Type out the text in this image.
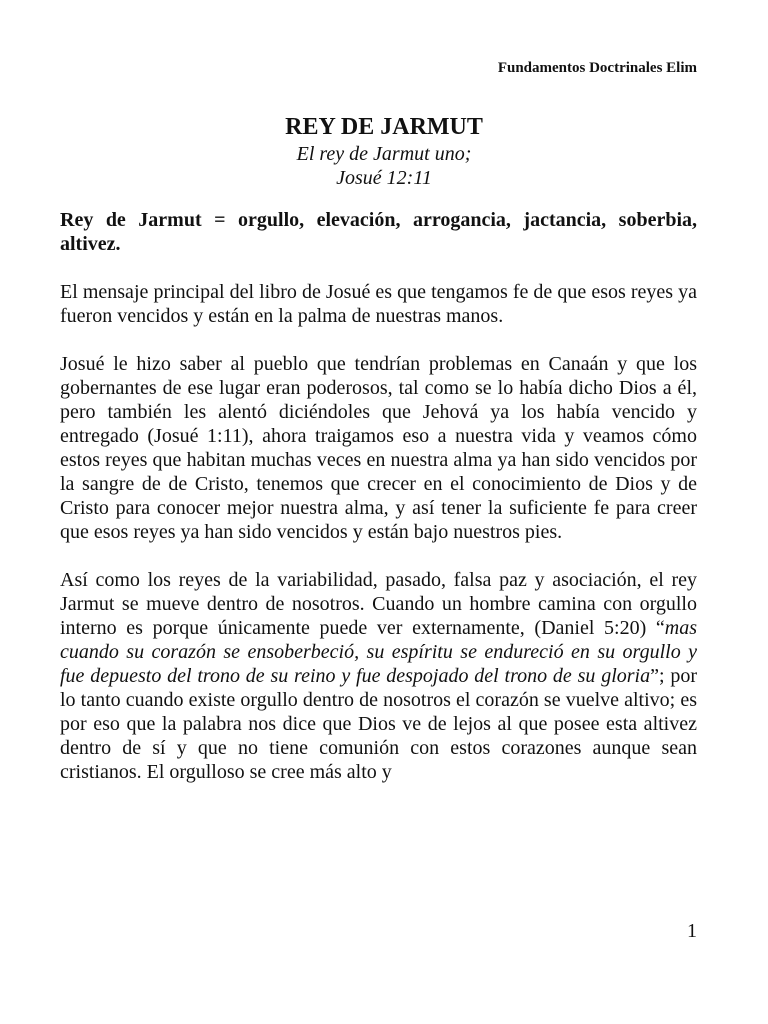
Fundamentos Doctrinales Elim
REY DE JARMUT
El rey de Jarmut uno;
Josué 12:11

Rey de Jarmut = orgullo, elevación, arrogancia, jactancia, soberbia, altivez.

El mensaje principal del libro de Josué es que tengamos fe de que esos reyes ya fueron vencidos y están en la palma de nuestras manos.

Josué le hizo saber al pueblo que tendrían problemas en Canaán y que los gobernantes de ese lugar eran poderosos, tal como se lo había dicho Dios a él, pero también les alentó diciéndoles que Jehová ya los había vencido y entregado (Josué 1:11), ahora traigamos eso a nuestra vida y veamos cómo estos reyes que habitan muchas veces en nuestra alma ya han sido vencidos por la sangre de de Cristo, tenemos que crecer en el conocimiento de Dios y de Cristo para conocer mejor nuestra alma, y así tener la suficiente fe para creer que esos reyes ya han sido vencidos y están bajo nuestros pies.

Así como los reyes de la variabilidad, pasado, falsa paz y asociación, el rey Jarmut se mueve dentro de nosotros. Cuando un hombre camina con orgullo interno es porque únicamente puede ver externamente, (Daniel 5:20) “mas cuando su corazón se ensoberbeció, su espíritu se endureció en su orgullo y fue depuesto del trono de su reino y fue despojado del trono de su gloria”; por lo tanto cuando existe orgullo dentro de nosotros el corazón se vuelve altivo; es por eso que la palabra nos dice que Dios ve de lejos al que posee esta altivez dentro de sí y que no tiene comunión con estos corazones aunque sean cristianos. El orgulloso se cree más alto y

1
